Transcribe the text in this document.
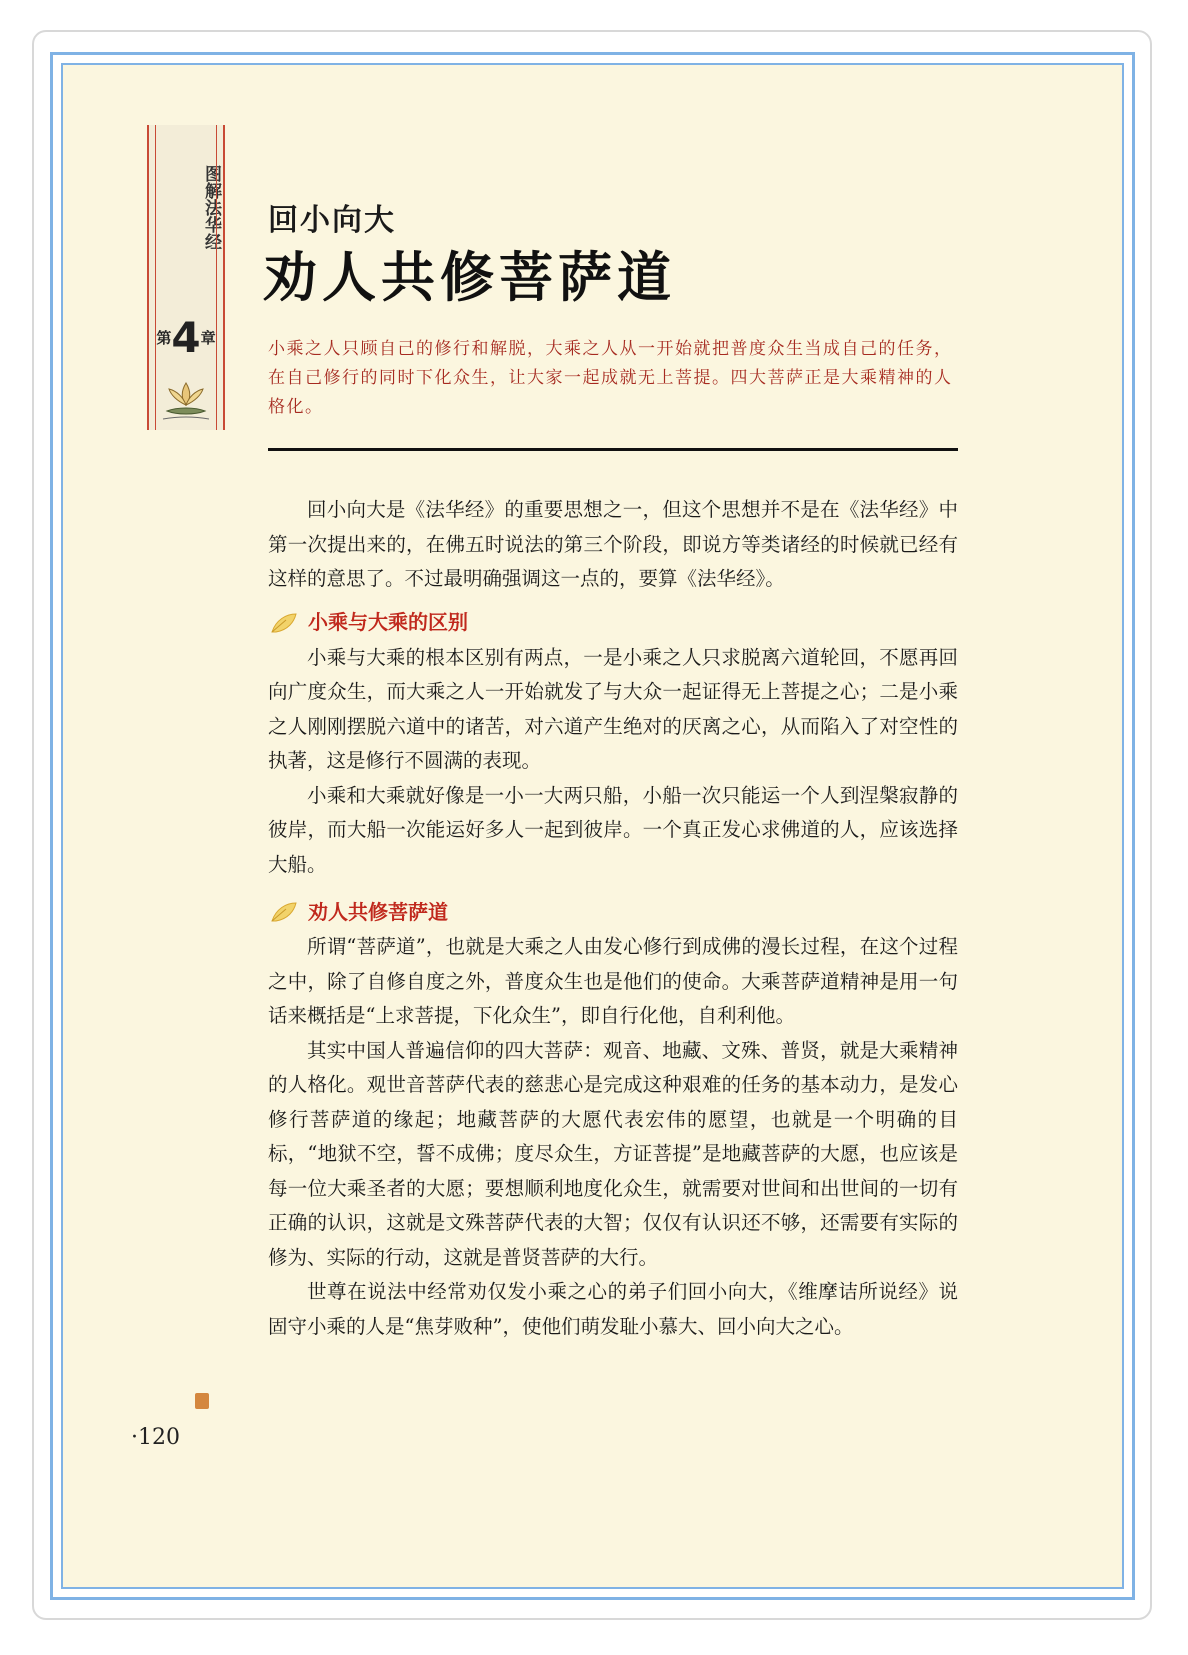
图解法华经
第4章
回小向大
劝人共修菩萨道
小乘之人只顾自己的修行和解脱，大乘之人从一开始就把普度众生当成自己的任务，在自己修行的同时下化众生，让大家一起成就无上菩提。四大菩萨正是大乘精神的人格化。

回小向大是《法华经》的重要思想之一，但这个思想并不是在《法华经》中第一次提出来的，在佛五时说法的第三个阶段，即说方等类诸经的时候就已经有这样的意思了。不过最明确强调这一点的，要算《法华经》。

小乘与大乘的区别

小乘与大乘的根本区别有两点，一是小乘之人只求脱离六道轮回，不愿再回向广度众生，而大乘之人一开始就发了与大众一起证得无上菩提之心；二是小乘之人刚刚摆脱六道中的诸苦，对六道产生绝对的厌离之心，从而陷入了对空性的执著，这是修行不圆满的表现。

小乘和大乘就好像是一小一大两只船，小船一次只能运一个人到涅槃寂静的彼岸，而大船一次能运好多人一起到彼岸。一个真正发心求佛道的人，应该选择大船。

劝人共修菩萨道

所谓“菩萨道”，也就是大乘之人由发心修行到成佛的漫长过程，在这个过程之中，除了自修自度之外，普度众生也是他们的使命。大乘菩萨道精神是用一句话来概括是“上求菩提，下化众生”，即自行化他，自利利他。

其实中国人普遍信仰的四大菩萨：观音、地藏、文殊、普贤，就是大乘精神的人格化。观世音菩萨代表的慈悲心是完成这种艰难的任务的基本动力，是发心修行菩萨道的缘起；地藏菩萨的大愿代表宏伟的愿望，也就是一个明确的目标，“地狱不空，誓不成佛；度尽众生，方证菩提”是地藏菩萨的大愿，也应该是每一位大乘圣者的大愿；要想顺利地度化众生，就需要对世间和出世间的一切有正确的认识，这就是文殊菩萨代表的大智；仅仅有认识还不够，还需要有实际的修为、实际的行动，这就是普贤菩萨的大行。

世尊在说法中经常劝仅发小乘之心的弟子们回小向大，《维摩诘所说经》说固守小乘的人是“焦芽败种”，使他们萌发耻小慕大、回小向大之心。

·120
